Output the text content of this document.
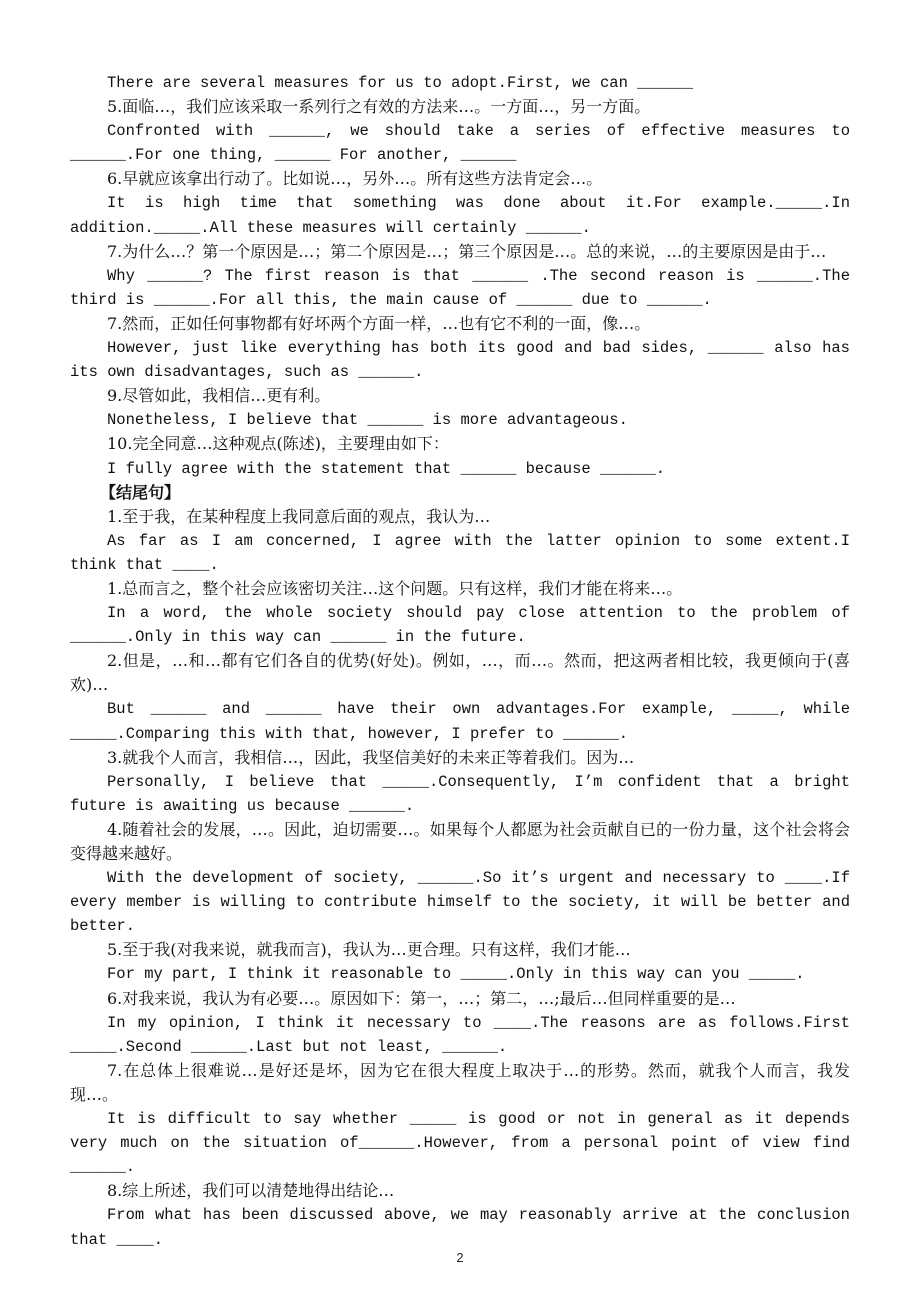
There are several measures for us to adopt.First, we can ______

5.面临…，我们应该采取一系列行之有效的方法来…。一方面…，另一方面。

Confronted with ______, we should take a series of effective measures to ______.For one thing, ______ For another, ______

6.早就应该拿出行动了。比如说…，另外…。所有这些方法肯定会…。

It is high time that something was done about it.For example._____.In addition._____.All these measures will certainly ______.

7.为什么…？第一个原因是…；第二个原因是…；第三个原因是…。总的来说，…的主要原因是由于…

Why ______? The first reason is that ______ .The second reason is ______.The third is ______.For all this, the main cause of ______ due to ______.

7.然而，正如任何事物都有好坏两个方面一样，…也有它不利的一面，像…。

However, just like everything has both its good and bad sides, ______ also has its own disadvantages, such as ______.

9.尽管如此，我相信…更有利。

Nonetheless, I believe that ______ is more advantageous.

10.完全同意…这种观点(陈述)，主要理由如下：

I fully agree with the statement that ______ because ______.

【结尾句】

1.至于我，在某种程度上我同意后面的观点，我认为…

As far as I am concerned, I agree with the latter opinion to some extent.I think that ____.

1.总而言之，整个社会应该密切关注…这个问题。只有这样，我们才能在将来…。

In a word, the whole society should pay close attention to the problem of ______.Only in this way can ______ in the future.

2.但是，…和…都有它们各自的优势(好处)。例如，…，而…。然而，把这两者相比较，我更倾向于(喜欢)…

But ______ and ______ have their own advantages.For example, _____, while _____.Comparing this with that, however, I prefer to ______.

3.就我个人而言，我相信…，因此，我坚信美好的未来正等着我们。因为…

Personally, I believe that _____.Consequently, I’m confident that a bright future is awaiting us because ______.

4.随着社会的发展，…。因此，迫切需要…。如果每个人都愿为社会贡献自已的一份力量，这个社会将会变得越来越好。

With the development of society, ______.So it’s urgent and necessary to ____.If every member is willing to contribute himself to the society, it will be better and better.

5.至于我(对我来说，就我而言)，我认为…更合理。只有这样，我们才能…

For my part, I think it reasonable to _____.Only in this way can you _____.

6.对我来说，我认为有必要…。原因如下：第一，…；第二，…;最后…但同样重要的是…

In my opinion, I think it necessary to ____.The reasons are as follows.First _____.Second ______.Last but not least, ______.

7.在总体上很难说…是好还是坏，因为它在很大程度上取决于…的形势。然而，就我个人而言，我发现…。

It is difficult to say whether _____ is good or not in general as it depends very much on the situation of______.However, from a personal point of view find ______.

8.综上所述，我们可以清楚地得出结论…

From what has been discussed above, we may reasonably arrive at the conclusion that ____.

2
